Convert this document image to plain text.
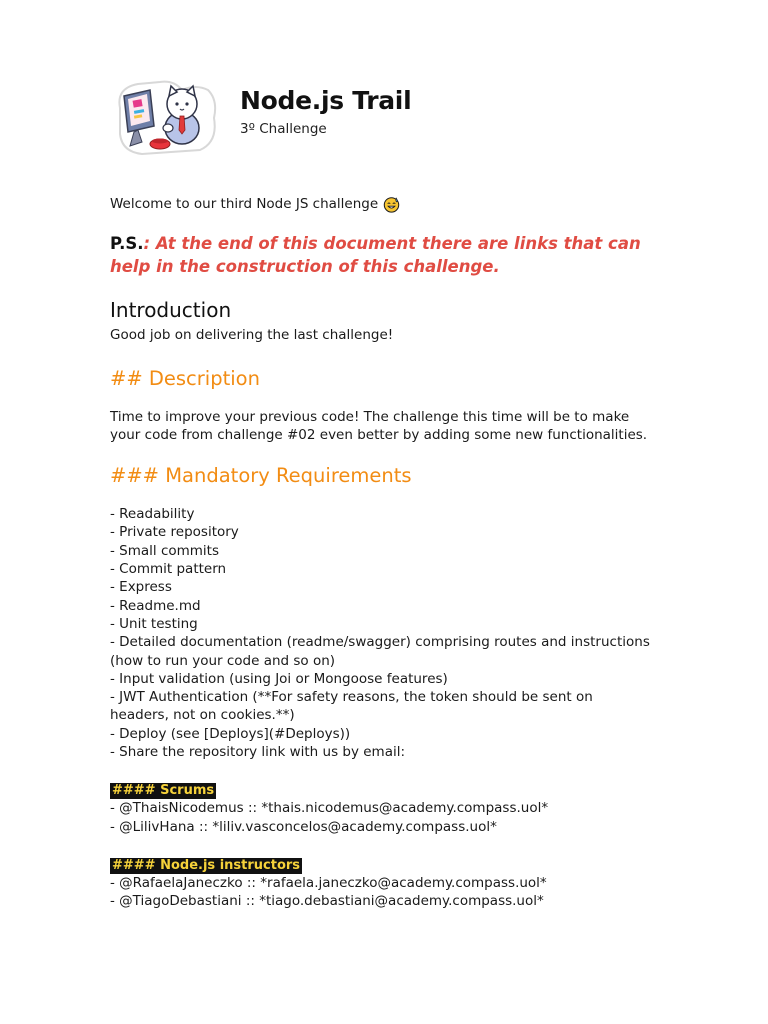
Node.js Trail
3º Challenge

Welcome to our third Node JS challenge

P.S.: At the end of this document there are links that can help in the construction of this challenge.
Introduction

Good job on delivering the last challenge!

## Description

Time to improve your previous code! The challenge this time will be to make your code from challenge #02 even better by adding some new functionalities.

### Mandatory Requirements
- Readability
- Private repository
- Small commits
- Commit pattern
- Express
- Readme.md
- Unit testing
- Detailed documentation (readme/swagger) comprising routes and instructions (how to run your code and so on)
- Input validation (using Joi or Mongoose features)
- JWT Authentication (**For safety reasons, the token should be sent on headers, not on cookies.**)
- Deploy (see [Deploys](#Deploys))
- Share the repository link with us by email:
#### Scrums
- @ThaisNicodemus :: *thais.nicodemus@academy.compass.uol*
- @LilivHana :: *liliv.vasconcelos@academy.compass.uol*
#### Node.js instructors
- @RafaelaJaneczko :: *rafaela.janeczko@academy.compass.uol*
- @TiagoDebastiani :: *tiago.debastiani@academy.compass.uol*
